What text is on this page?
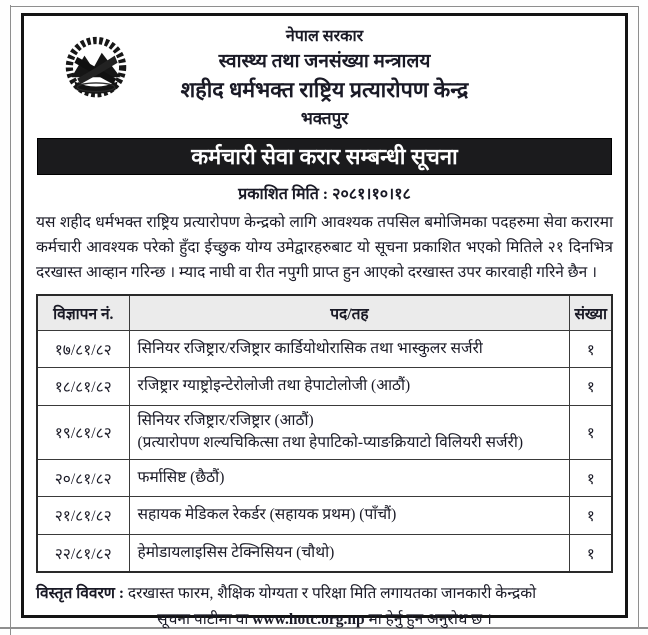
नेपाल सरकार
स्वास्थ्य तथा जनसंख्या मन्त्रालय
शहीद धर्मभक्त राष्ट्रिय प्रत्यारोपण केन्द्र
भक्तपुर
कर्मचारी सेवा करार सम्बन्धी सूचना
प्रकाशित मिति : २०८१।१०।१८

यस शहीद धर्मभक्त राष्ट्रिय प्रत्यारोपण केन्द्रको लागि आवश्यक तपसिल बमोजिमका पदहरुमा सेवा करारमा कर्मचारी आवश्यक परेको हुँदा ईच्छुक योग्य उमेद्वारहरुबाट यो सूचना प्रकाशित भएको मितिले २१ दिनभित्र दरखास्त आव्हान गरिन्छ । म्याद नाघी वा रीत नपुगी प्राप्त हुन आएको दरखास्त उपर कारवाही गरिने छैन ।

विज्ञापन नं.	पद/तह	संख्या
१७/८१/८२	सिनियर रजिष्ट्रार/रजिष्ट्रार कार्डियोथोरासिक तथा भास्कुलर सर्जरी	१
१८/८१/८२	रजिष्ट्रार ग्याष्ट्रोइन्टेरोलोजी तथा हेपाटोलोजी (आठौं)	१
१९/८१/८२	सिनियर रजिष्ट्रार/रजिष्ट्रार (आठौं)
(प्रत्यारोपण शल्यचिकित्सा तथा हेपाटिको-प्याङक्रियाटो विलियरी सर्जरी)	१
२०/८१/८२	फर्मासिष्ट (छैठौं)	१
२१/८१/८२	सहायक मेडिकल रेकर्डर (सहायक प्रथम) (पाँचौं)	१
२२/८१/८२	हेमोडायलाइसिस टेक्निसियन (चौथो)	१
विस्तृत विवरण : दरखास्त फारम, शैक्षिक योग्यता र परिक्षा मिति लगायतका जानकारी केन्द्रको
सूचना पाटीमा वा www.hotc.org.np मा हेर्नु हुन अनुरोध छ ।
